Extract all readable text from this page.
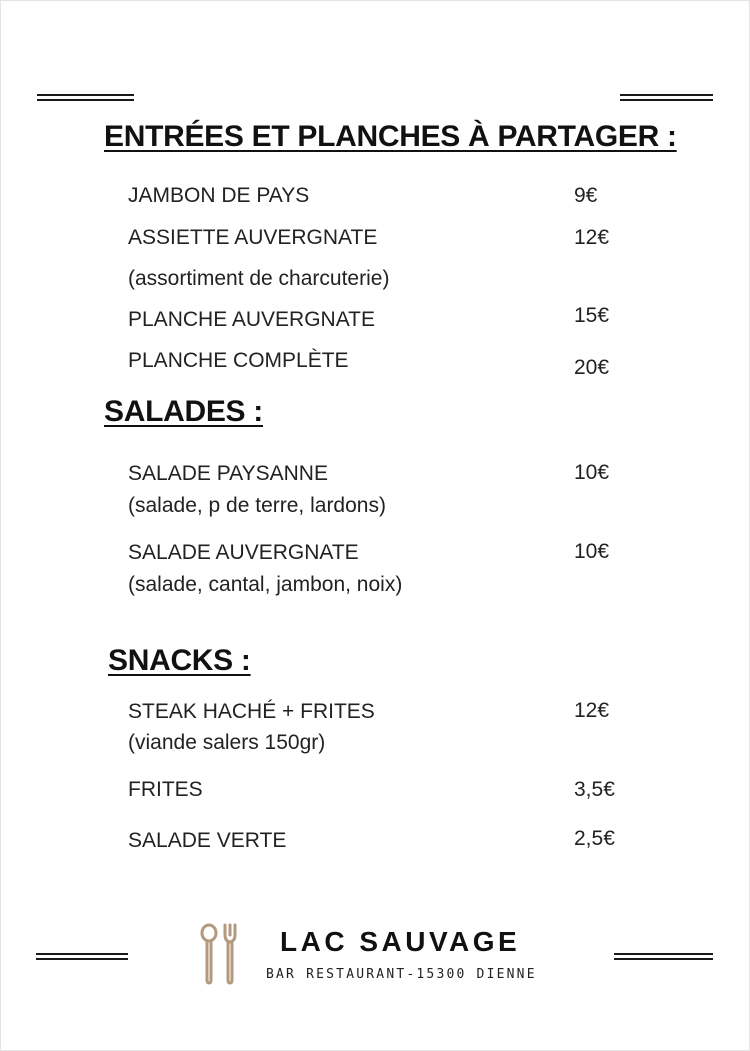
ENTRÉES ET PLANCHES À PARTAGER :
JAMBON DE PAYS	9€
ASSIETTE AUVERGNATE	12€
(assortiment de charcuterie)
PLANCHE AUVERGNATE	15€
PLANCHE COMPLÈTE	20€
SALADES :
SALADE PAYSANNE	10€
(salade, p de terre, lardons)
SALADE AUVERGNATE	10€
(salade, cantal, jambon, noix)
SNACKS :
STEAK HACHÉ + FRITES	12€
(viande salers 150gr)
FRITES	3,5€
SALADE VERTE	2,5€
LAC SAUVAGE
BAR RESTAURANT-15300 DIENNE
